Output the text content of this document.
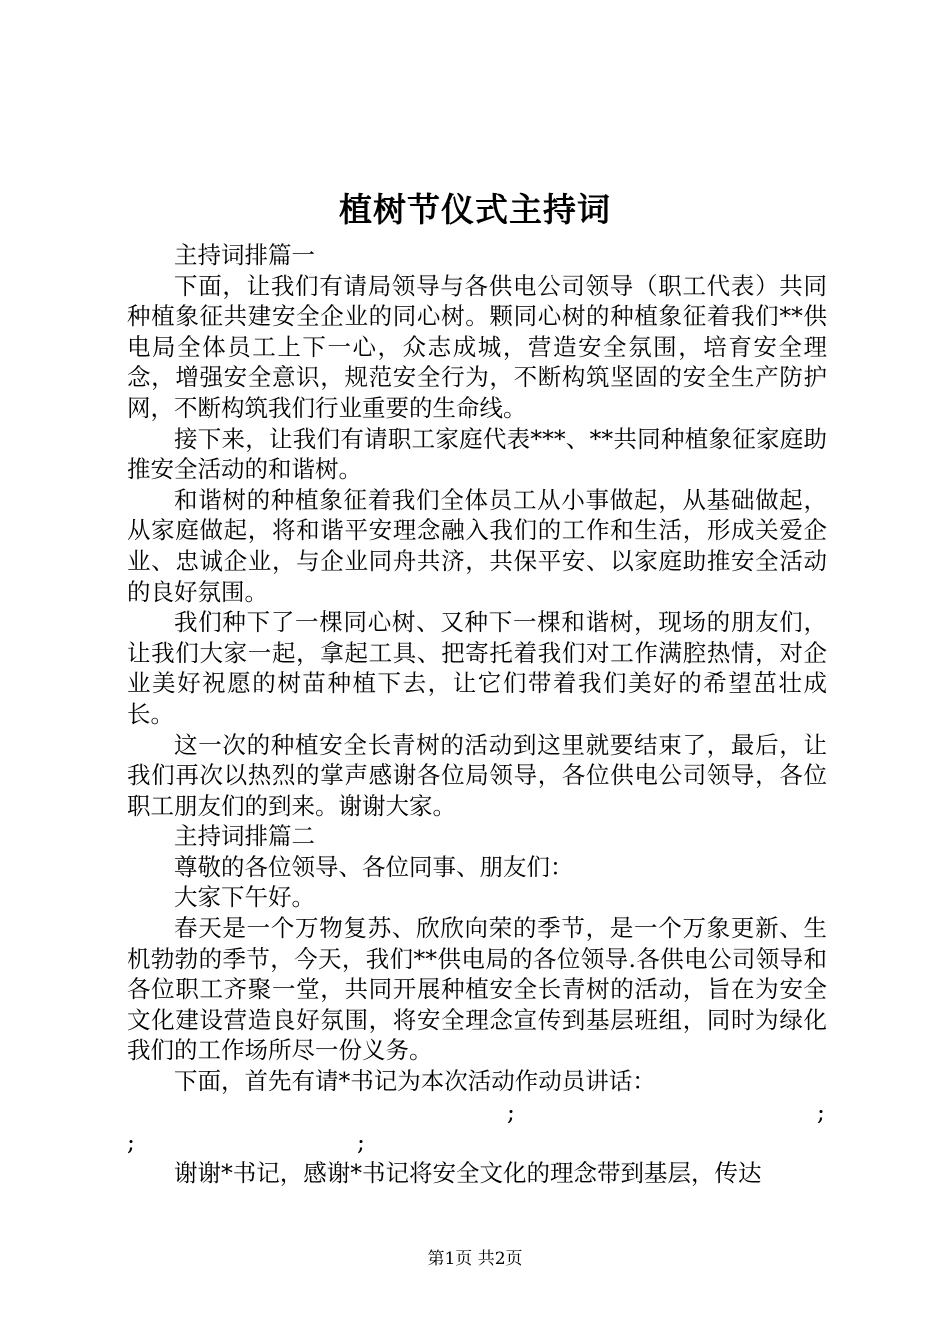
植树节仪式主持词

主持词排篇一

下面，让我们有请局领导与各供电公司领导（职工代表）共同种植象征共建安全企业的同心树。颗同心树的种植象征着我们**供电局全体员工上下一心，众志成城，营造安全氛围，培育安全理念，增强安全意识，规范安全行为，不断构筑坚固的安全生产防护网，不断构筑我们行业重要的生命线。

接下来，让我们有请职工家庭代表***、**共同种植象征家庭助推安全活动的和谐树。

和谐树的种植象征着我们全体员工从小事做起，从基础做起，从家庭做起，将和谐平安理念融入我们的工作和生活，形成关爱企业、忠诚企业，与企业同舟共济，共保平安、以家庭助推安全活动的良好氛围。

我们种下了一棵同心树、又种下一棵和谐树，现场的朋友们，让我们大家一起，拿起工具、把寄托着我们对工作满腔热情，对企业美好祝愿的树苗种植下去，让它们带着我们美好的希望茁壮成长。

这一次的种植安全长青树的活动到这里就要结束了，最后，让我们再次以热烈的掌声感谢各位局领导，各位供电公司领导，各位职工朋友们的到来。谢谢大家。

主持词排篇二

尊敬的各位领导、各位同事、朋友们：

大家下午好。

春天是一个万物复苏、欣欣向荣的季节，是一个万象更新、生机勃勃的季节，今天，我们**供电局的各位领导.各供电公司领导和各位职工齐聚一堂，共同开展种植安全长青树的活动，旨在为安全文化建设营造良好氛围，将安全理念宣传到基层班组，同时为绿化我们的工作场所尽一份义务。

下面，首先有请*书记为本次活动作动员讲话：

;	;
;	;

谢谢*书记，感谢*书记将安全文化的理念带到基层，传达

第1页 共2页
